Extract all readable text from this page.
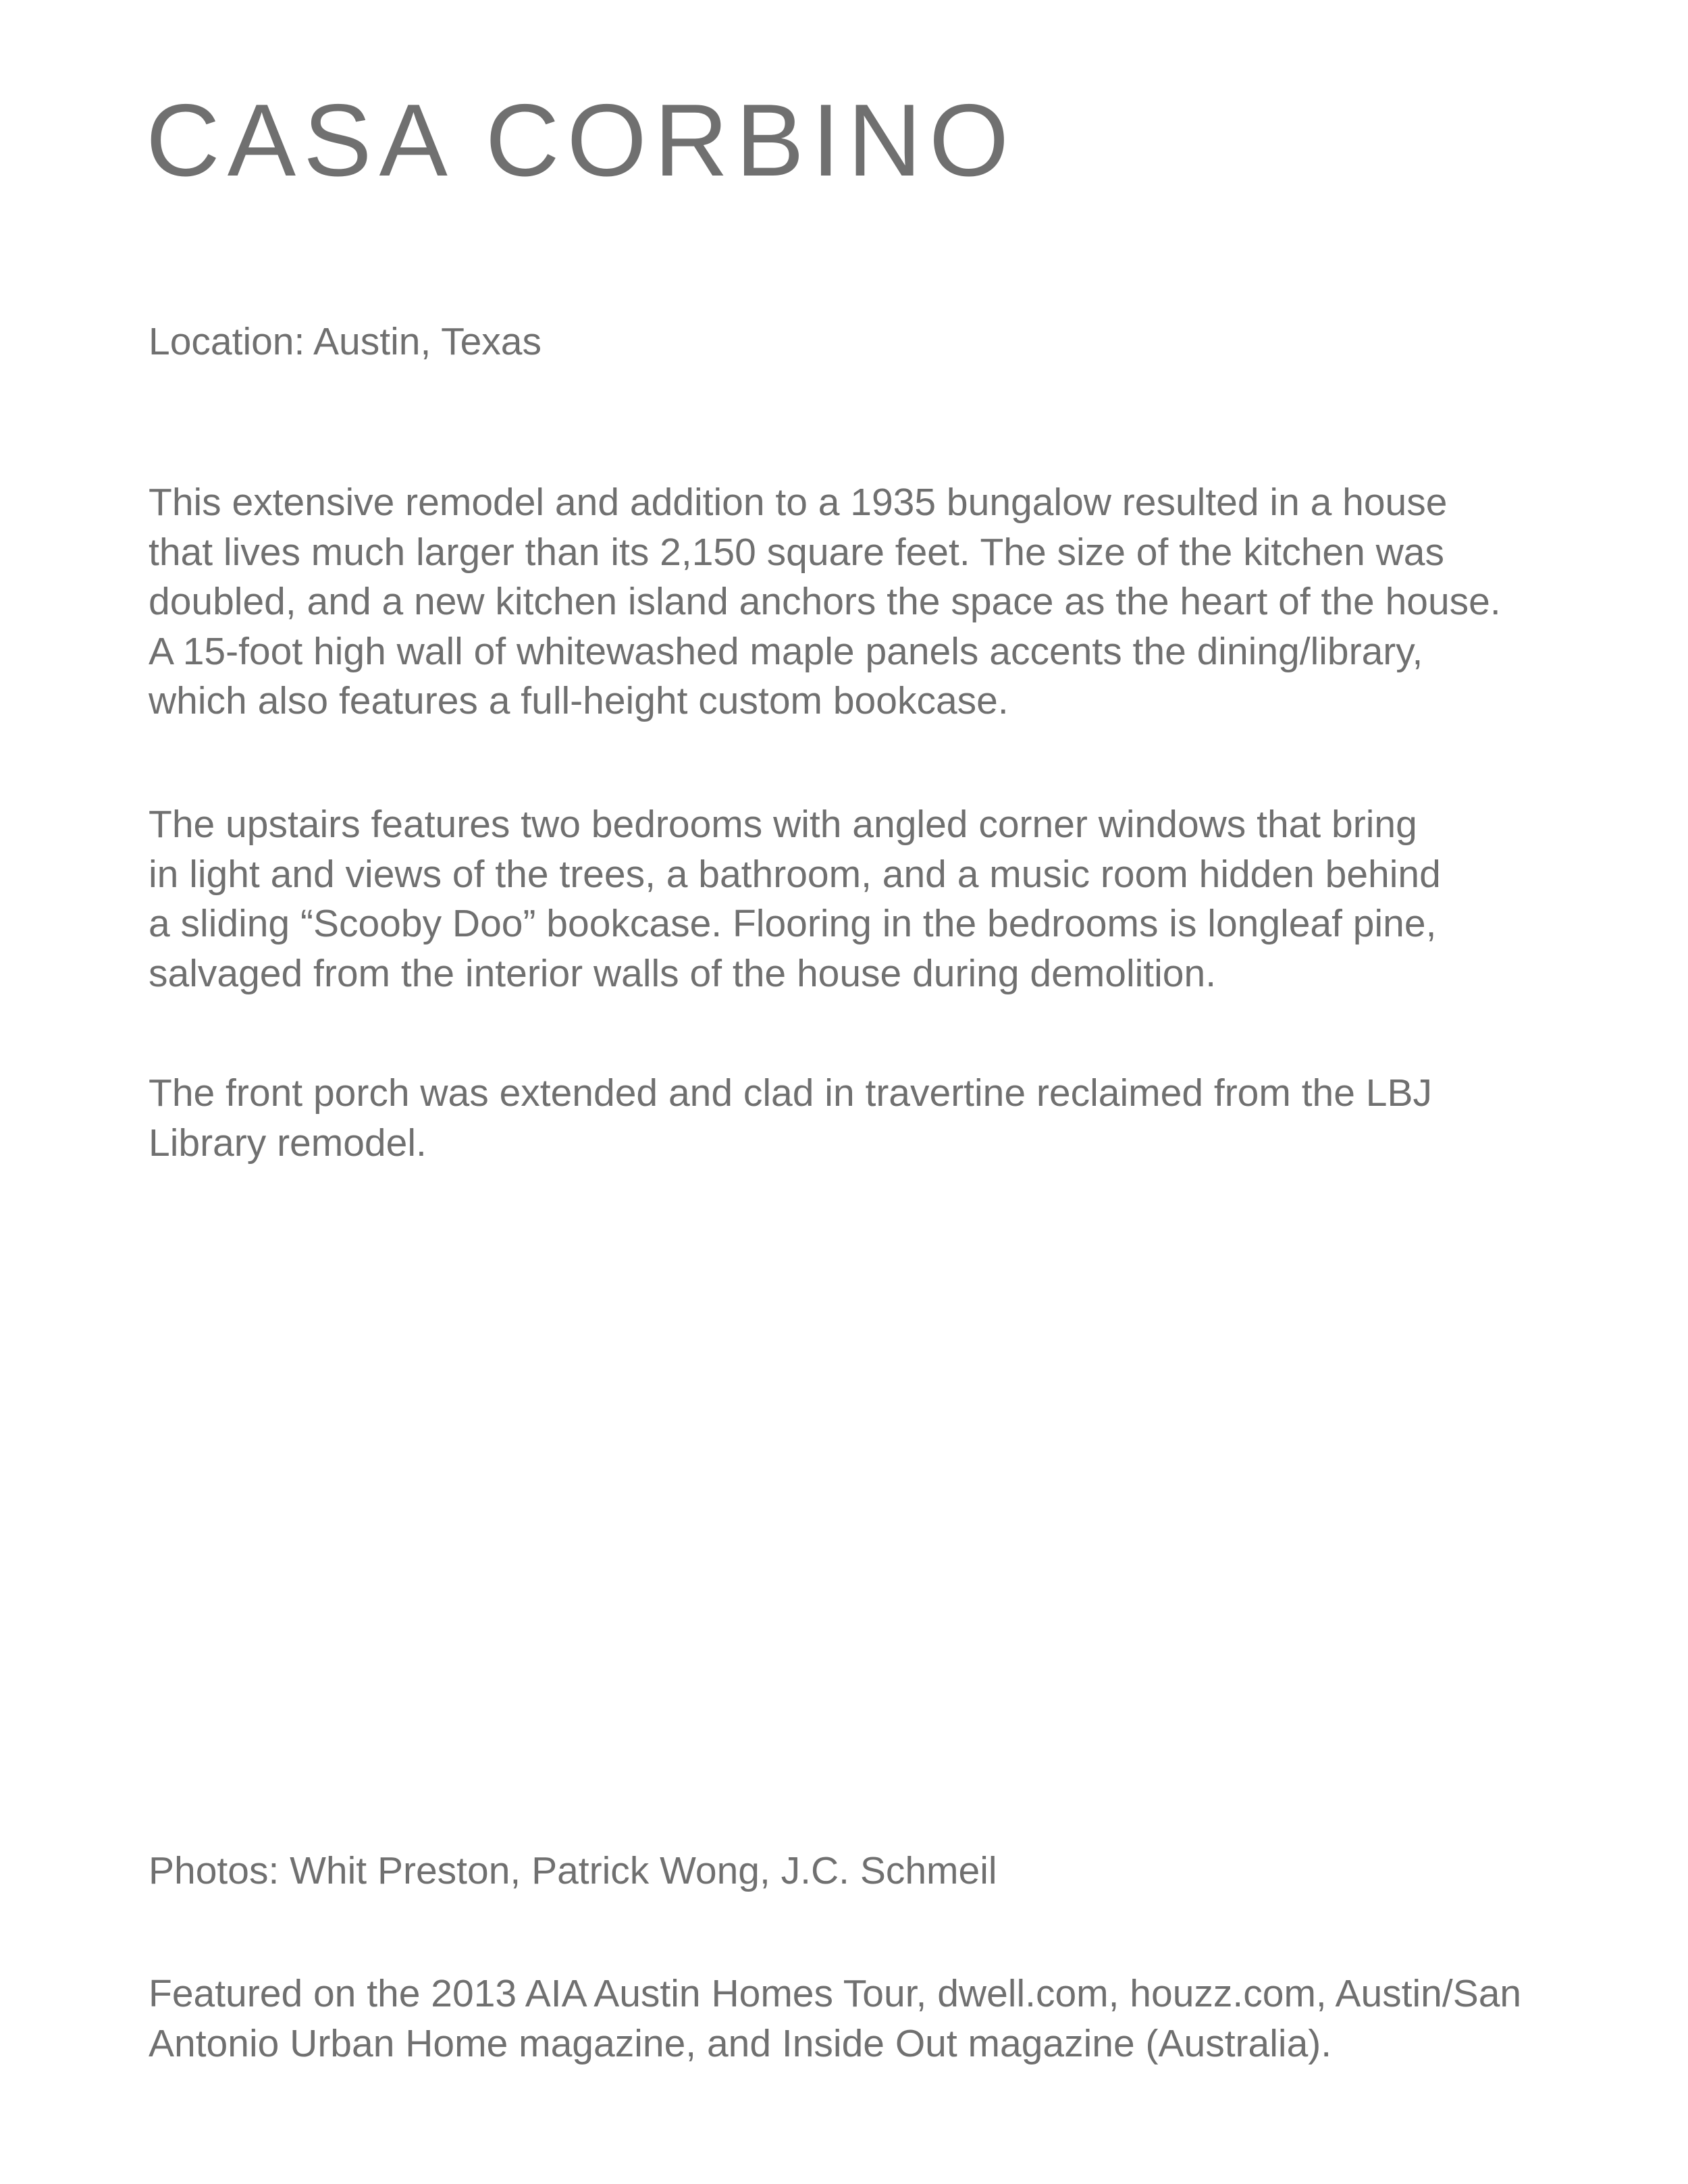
CASA CORBINO

Location: Austin, Texas

This extensive remodel and addition to a 1935 bungalow resulted in a house
that lives much larger than its 2,150 square feet. The size of the kitchen was
doubled, and a new kitchen island anchors the space as the heart of the house.
A 15-foot high wall of whitewashed maple panels accents the dining/library,
which also features a full-height custom bookcase.

The upstairs features two bedrooms with angled corner windows that bring
in light and views of the trees, a bathroom, and a music room hidden behind
a sliding “Scooby Doo” bookcase. Flooring in the bedrooms is longleaf pine,
salvaged from the interior walls of the house during demolition.

The front porch was extended and clad in travertine reclaimed from the LBJ
Library remodel.

Photos: Whit Preston, Patrick Wong, J.C. Schmeil

Featured on the 2013 AIA Austin Homes Tour, dwell.com, houzz.com, Austin/San
Antonio Urban Home magazine, and Inside Out magazine (Australia).
